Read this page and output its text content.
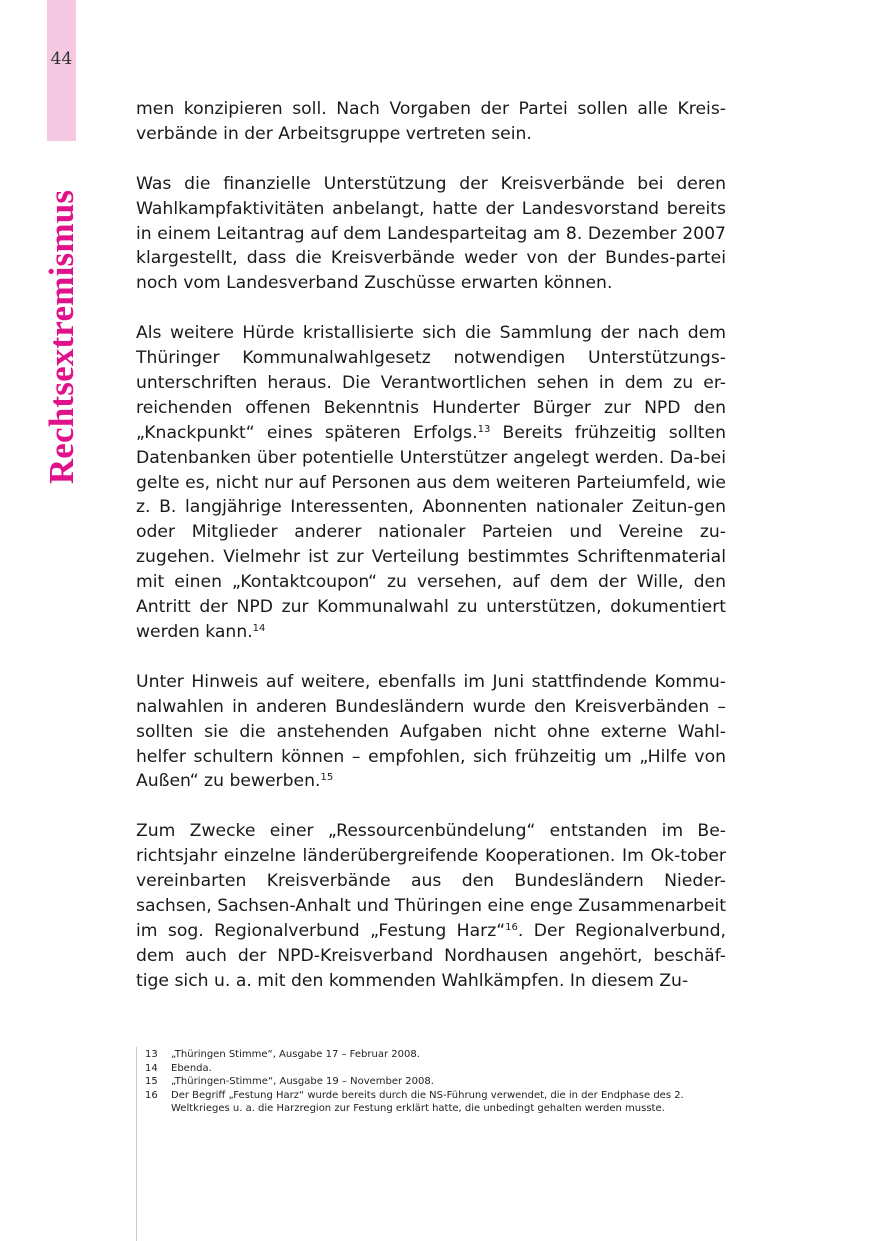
44
Rechtsextremismus

men konzipieren soll. Nach Vorgaben der Partei sollen alle Kreis-verbände in der Arbeitsgruppe vertreten sein.

Was die finanzielle Unterstützung der Kreisverbände bei deren Wahlkampfaktivitäten anbelangt, hatte der Landesvorstand bereits in einem Leitantrag auf dem Landesparteitag am 8. Dezember 2007 klargestellt, dass die Kreisverbände weder von der Bundes-partei noch vom Landesverband Zuschüsse erwarten können.

Als weitere Hürde kristallisierte sich die Sammlung der nach dem Thüringer Kommunalwahlgesetz notwendigen Unterstützungs-unterschriften heraus. Die Verantwortlichen sehen in dem zu er-reichenden offenen Bekenntnis Hunderter Bürger zur NPD den „Knackpunkt“ eines späteren Erfolgs.$^{13}$ Bereits frühzeitig sollten Datenbanken über potentielle Unterstützer angelegt werden. Da-bei gelte es, nicht nur auf Personen aus dem weiteren Parteiumfeld, wie z. B. langjährige Interessenten, Abonnenten nationaler Zeitun-gen oder Mitglieder anderer nationaler Parteien und Vereine zu-zugehen. Vielmehr ist zur Verteilung bestimmtes Schriftenmaterial mit einen „Kontaktcoupon“ zu versehen, auf dem der Wille, den Antritt der NPD zur Kommunalwahl zu unterstützen, dokumentiert werden kann.$^{14}$

Unter Hinweis auf weitere, ebenfalls im Juni stattfindende Kommu-nalwahlen in anderen Bundesländern wurde den Kreisverbänden – sollten sie die anstehenden Aufgaben nicht ohne externe Wahl-helfer schultern können – empfohlen, sich frühzeitig um „Hilfe von Außen“ zu bewerben.$^{15}$

Zum Zwecke einer „Ressourcenbündelung“ entstanden im Be-richtsjahr einzelne länderübergreifende Kooperationen. Im Ok-tober vereinbarten Kreisverbände aus den Bundesländern Nieder-sachsen, Sachsen-Anhalt und Thüringen eine enge Zusammenarbeit im sog. Regionalverbund „Festung Harz“$^{16}$. Der Regionalverbund, dem auch der NPD-Kreisverband Nordhausen angehört, beschäf-tige sich u. a. mit den kommenden Wahlkämpfen. In diesem Zu-

13	„Thüringen Stimme“, Ausgabe 17 – Februar 2008.
14	Ebenda.
15	„Thüringen-Stimme“, Ausgabe 19 – November 2008.
16	Der Begriff „Festung Harz“ wurde bereits durch die NS-Führung verwendet, die in der Endphase des 2. Weltkrieges u. a. die Harzregion zur Festung erklärt hatte, die unbedingt gehalten werden musste.
